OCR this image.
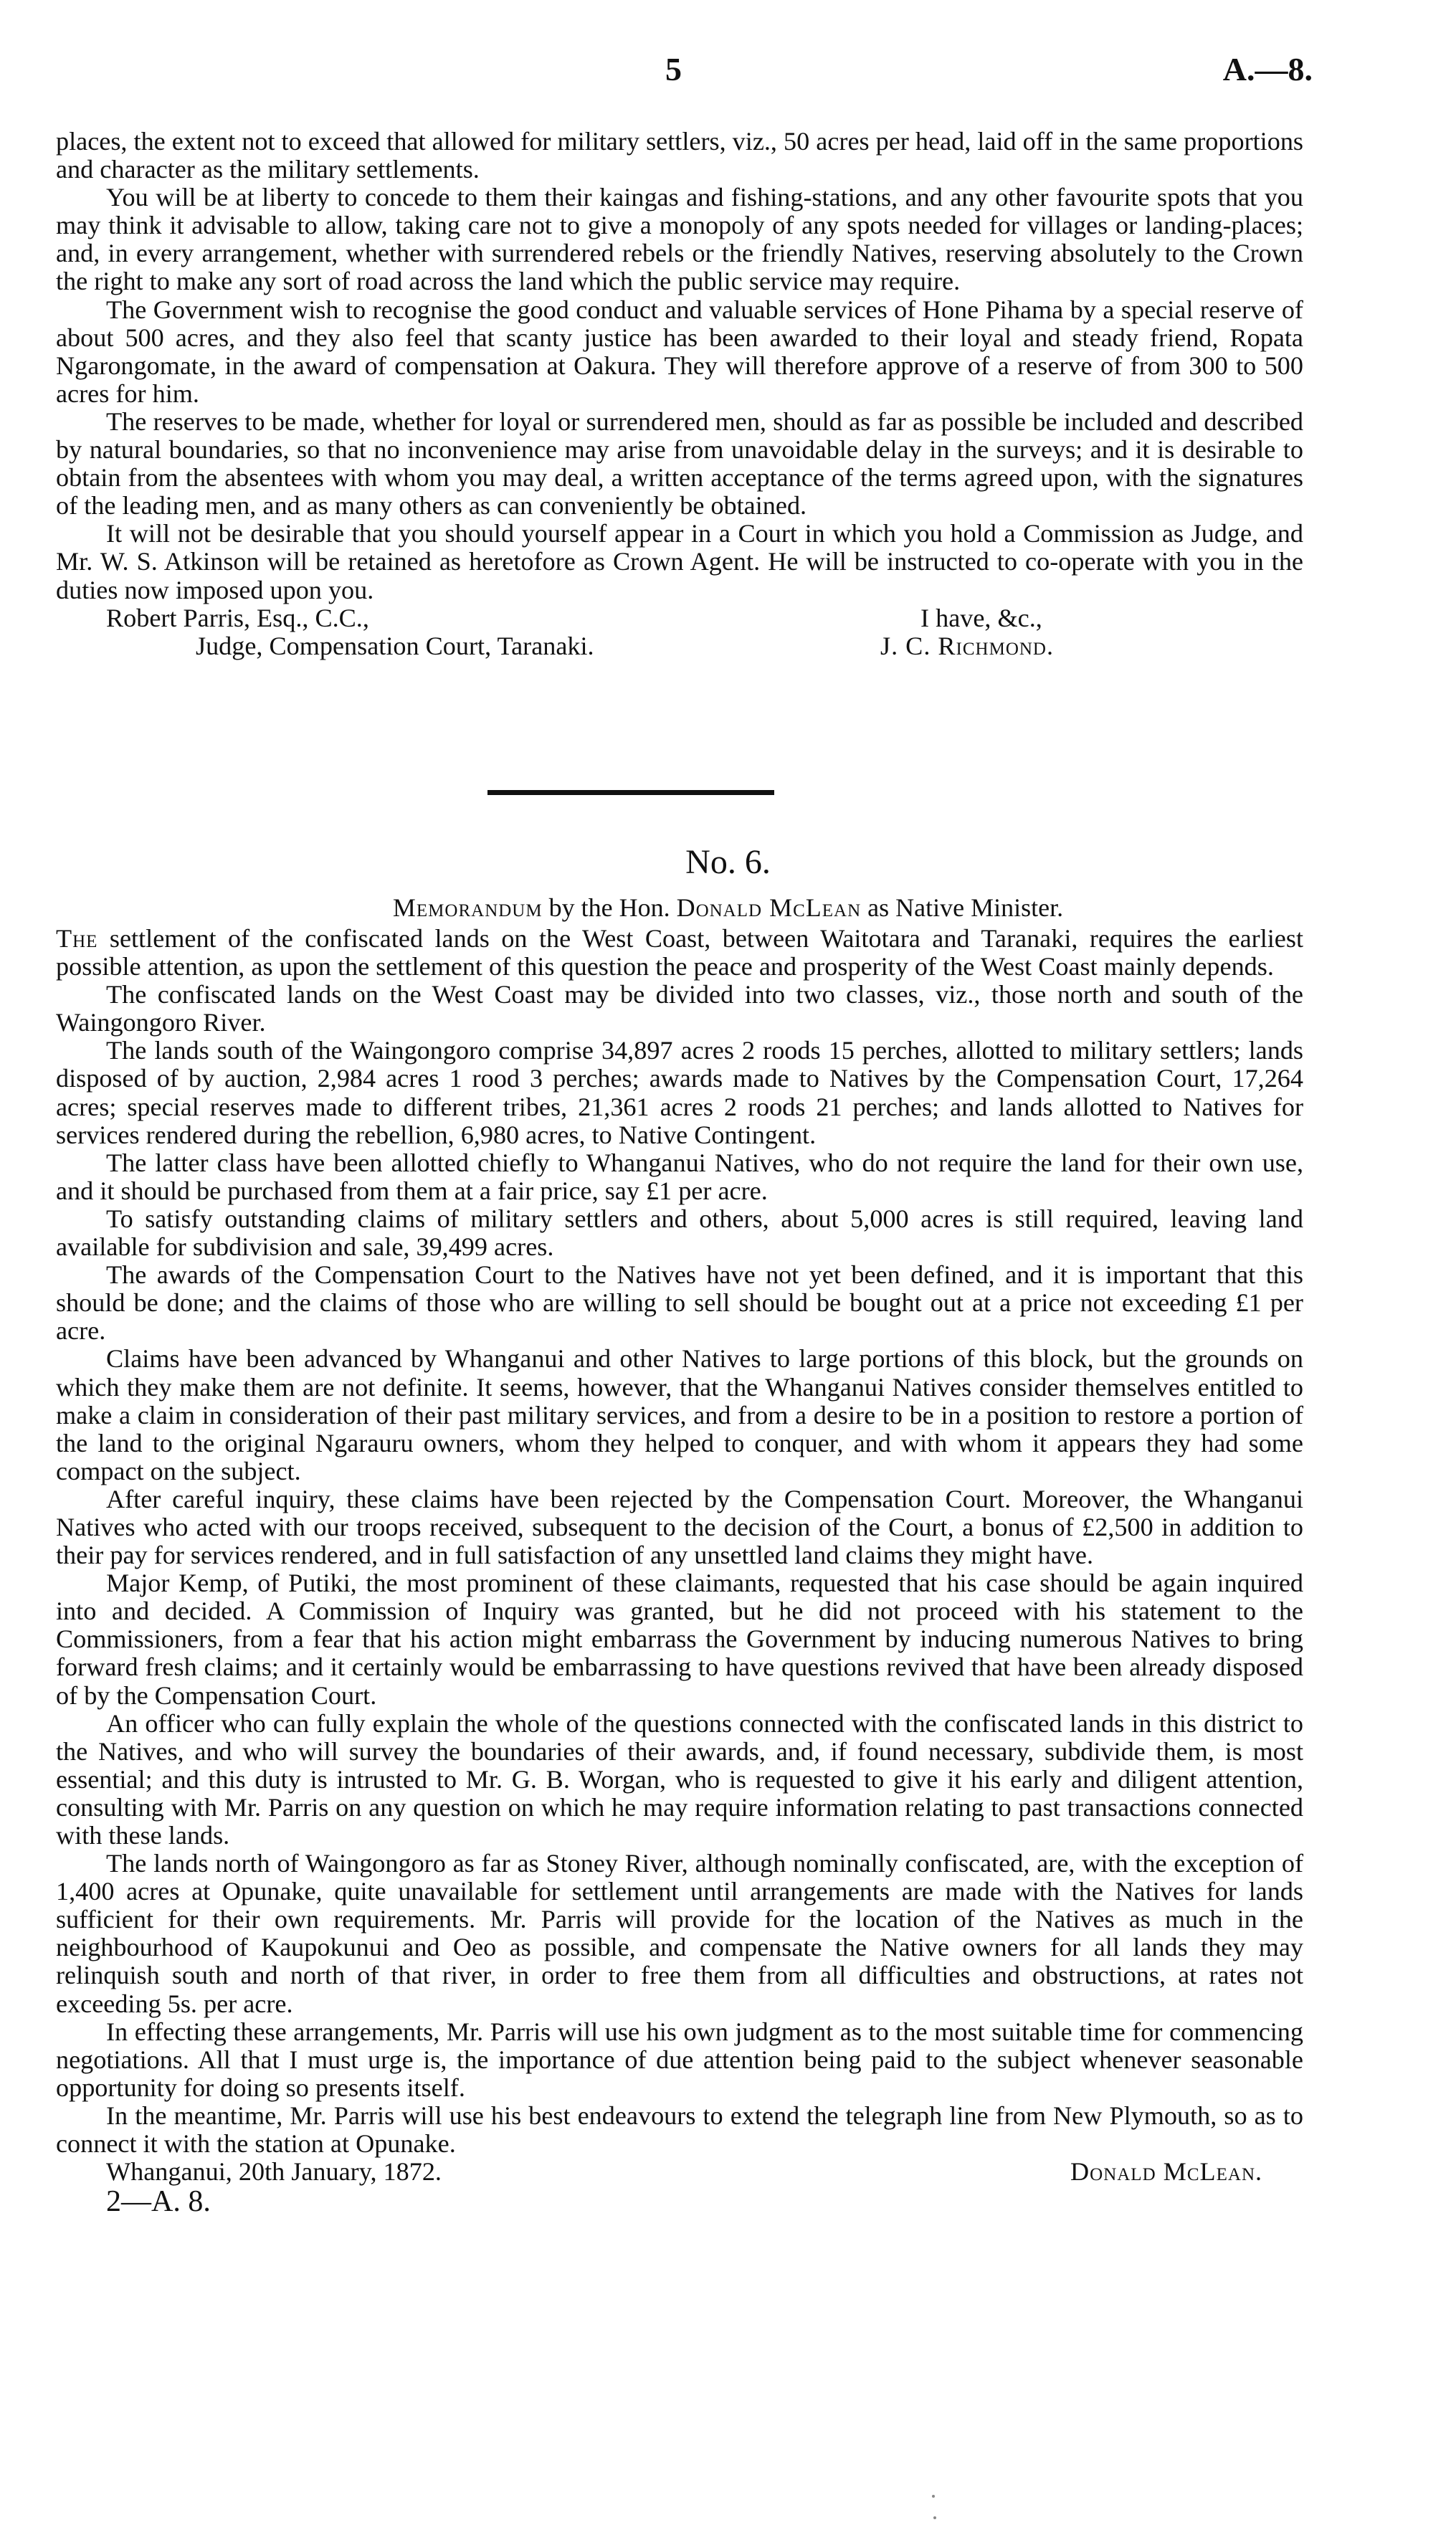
5	A.—8.

places, the extent not to exceed that allowed for military settlers, viz., 50 acres per head, laid off in the same proportions and character as the military settlements.

You will be at liberty to concede to them their kaingas and fishing-stations, and any other favourite spots that you may think it advisable to allow, taking care not to give a monopoly of any spots needed for villages or landing-places; and, in every arrangement, whether with surrendered rebels or the friendly Natives, reserving absolutely to the Crown the right to make any sort of road across the land which the public service may require.

The Government wish to recognise the good conduct and valuable services of Hone Pihama by a special reserve of about 500 acres, and they also feel that scanty justice has been awarded to their loyal and steady friend, Ropata Ngarongomate, in the award of compensation at Oakura. They will therefore approve of a reserve of from 300 to 500 acres for him.

The reserves to be made, whether for loyal or surrendered men, should as far as possible be included and described by natural boundaries, so that no inconvenience may arise from unavoidable delay in the surveys; and it is desirable to obtain from the absentees with whom you may deal, a written acceptance of the terms agreed upon, with the signatures of the leading men, and as many others as can conveniently be obtained.

It will not be desirable that you should yourself appear in a Court in which you hold a Commission as Judge, and Mr. W. S. Atkinson will be retained as heretofore as Crown Agent. He will be instructed to co-operate with you in the duties now imposed upon you.

Robert Parris, Esq., C.C.,	I have, &c.,
Judge, Compensation Court, Taranaki.	J. C. Richmond.
No. 6.
Memorandum by the Hon. Donald McLean as Native Minister.

The settlement of the confiscated lands on the West Coast, between Waitotara and Taranaki, requires the earliest possible attention, as upon the settlement of this question the peace and prosperity of the West Coast mainly depends.

The confiscated lands on the West Coast may be divided into two classes, viz., those north and south of the Waingongoro River.

The lands south of the Waingongoro comprise 34,897 acres 2 roods 15 perches, allotted to military settlers; lands disposed of by auction, 2,984 acres 1 rood 3 perches; awards made to Natives by the Compensation Court, 17,264 acres; special reserves made to different tribes, 21,361 acres 2 roods 21 perches; and lands allotted to Natives for services rendered during the rebellion, 6,980 acres, to Native Contingent.

The latter class have been allotted chiefly to Whanganui Natives, who do not require the land for their own use, and it should be purchased from them at a fair price, say £1 per acre.

To satisfy outstanding claims of military settlers and others, about 5,000 acres is still required, leaving land available for subdivision and sale, 39,499 acres.

The awards of the Compensation Court to the Natives have not yet been defined, and it is important that this should be done; and the claims of those who are willing to sell should be bought out at a price not exceeding £1 per acre.

Claims have been advanced by Whanganui and other Natives to large portions of this block, but the grounds on which they make them are not definite. It seems, however, that the Whanganui Natives consider themselves entitled to make a claim in consideration of their past military services, and from a desire to be in a position to restore a portion of the land to the original Ngarauru owners, whom they helped to conquer, and with whom it appears they had some compact on the subject.

After careful inquiry, these claims have been rejected by the Compensation Court. Moreover, the Whanganui Natives who acted with our troops received, subsequent to the decision of the Court, a bonus of £2,500 in addition to their pay for services rendered, and in full satisfaction of any unsettled land claims they might have.

Major Kemp, of Putiki, the most prominent of these claimants, requested that his case should be again inquired into and decided. A Commission of Inquiry was granted, but he did not proceed with his statement to the Commissioners, from a fear that his action might embarrass the Government by inducing numerous Natives to bring forward fresh claims; and it certainly would be embarrassing to have questions revived that have been already disposed of by the Compensation Court.

An officer who can fully explain the whole of the questions connected with the confiscated lands in this district to the Natives, and who will survey the boundaries of their awards, and, if found necessary, subdivide them, is most essential; and this duty is intrusted to Mr. G. B. Worgan, who is requested to give it his early and diligent attention, consulting with Mr. Parris on any question on which he may require information relating to past transactions connected with these lands.

The lands north of Waingongoro as far as Stoney River, although nominally confiscated, are, with the exception of 1,400 acres at Opunake, quite unavailable for settlement until arrangements are made with the Natives for lands sufficient for their own requirements. Mr. Parris will provide for the location of the Natives as much in the neighbourhood of Kaupokunui and Oeo as possible, and compensate the Native owners for all lands they may relinquish south and north of that river, in order to free them from all difficulties and obstructions, at rates not exceeding 5s. per acre.

In effecting these arrangements, Mr. Parris will use his own judgment as to the most suitable time for commencing negotiations. All that I must urge is, the importance of due attention being paid to the subject whenever seasonable opportunity for doing so presents itself.

In the meantime, Mr. Parris will use his best endeavours to extend the telegraph line from New Plymouth, so as to connect it with the station at Opunake.

Whanganui, 20th January, 1872.	Donald McLean.
2—A. 8.
